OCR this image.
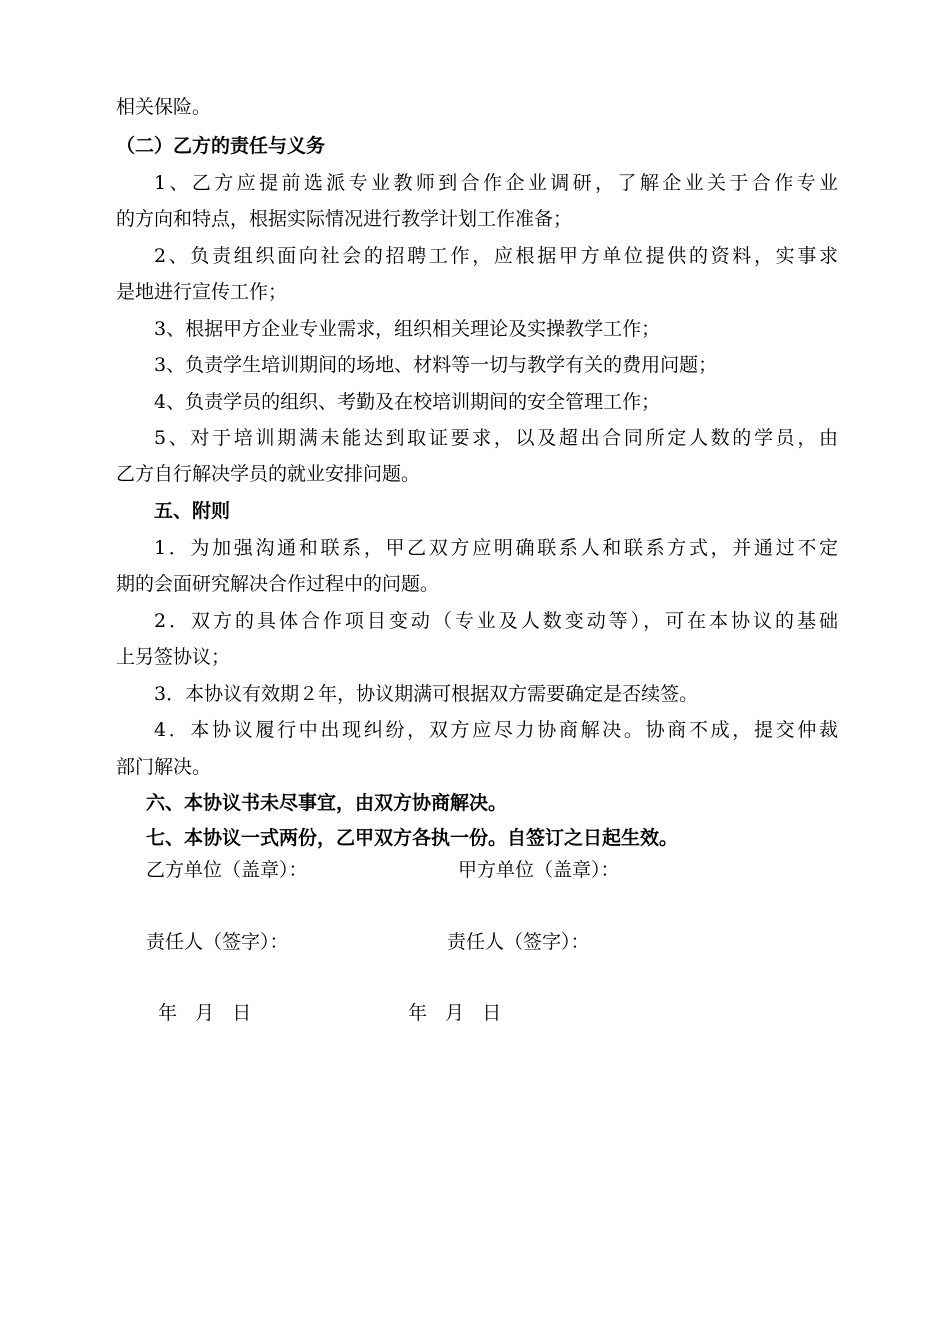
相关保险。
（二）乙方的责任与义务
1、乙方应提前选派专业教师到合作企业调研，了解企业关于合作专业
的方向和特点，根据实际情况进行教学计划工作准备；
2、负责组织面向社会的招聘工作，应根据甲方单位提供的资料，实事求
是地进行宣传工作；
3、根据甲方企业专业需求，组织相关理论及实操教学工作；
3、负责学生培训期间的场地、材料等一切与教学有关的费用问题；
4、负责学员的组织、考勤及在校培训期间的安全管理工作；
5、对于培训期满未能达到取证要求，以及超出合同所定人数的学员，由
乙方自行解决学员的就业安排问题。
五、附则
1．为加强沟通和联系，甲乙双方应明确联系人和联系方式，并通过不定
期的会面研究解决合作过程中的问题。
2．双方的具体合作项目变动（专业及人数变动等），可在本协议的基础
上另签协议；
3．本协议有效期２年，协议期满可根据双方需要确定是否续签。
4．本协议履行中出现纠纷，双方应尽力协商解决。协商不成，提交仲裁
部门解决。
六、本协议书未尽事宜，由双方协商解决。
七、本协议一式两份，乙甲双方各执一份。自签订之日起生效。
乙方单位（盖章）：	甲方单位（盖章）：
责任人（签字）：	责任人（签字）：
年   月   日	年   月   日
